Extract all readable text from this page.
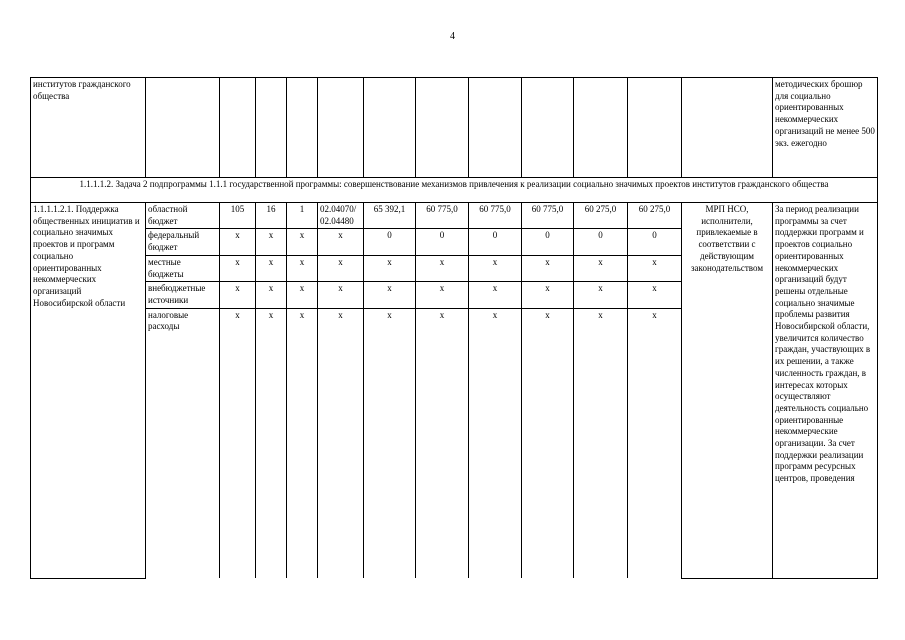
4
институтов гражданского общества													методических брошюр для социально ориентированных некоммерческих организаций не менее 500 экз. ежегодно
1.1.1.1.2. Задача 2 подпрограммы 1.1.1 государственной программы: совершенствование механизмов привлечения к реализации социально значимых проектов институтов гражданского общества													
1.1.1.1.2.1. Поддержка общественных инициатив и социально значимых проектов и программ социально ориентированных некоммерческих организаций Новосибирской области	областной бюджет	105	16	1	02.04070/ 02.04480	65 392,1	60 775,0	60 775,0	60 775,0	60 275,0	60 275,0	МРП НСО, исполнители, привлекаемые в соответствии с действующим законодательством	За период реализации программы за счет поддержки программ и проектов социально ориентированных некоммерческих организаций будут решены отдельные социально значимые проблемы развития Новосибирской области, увеличится количество граждан, участвующих в их решении, а также численность граждан, в интересах которых осуществляют деятельность социально ориентированные некоммерческие организации. За счет поддержки реализации программ ресурсных центров, проведения
	федеральный бюджет	x	x	x	x	0	0	0	0	0	0		
	местные бюджеты	x	x	x	x	x	x	x	x	x	x		
	внебюджетные источники	x	x	x	x	x	x	x	x	x	x		
	налоговые расходы	x	x	x	x	x	x	x	x	x	x		
